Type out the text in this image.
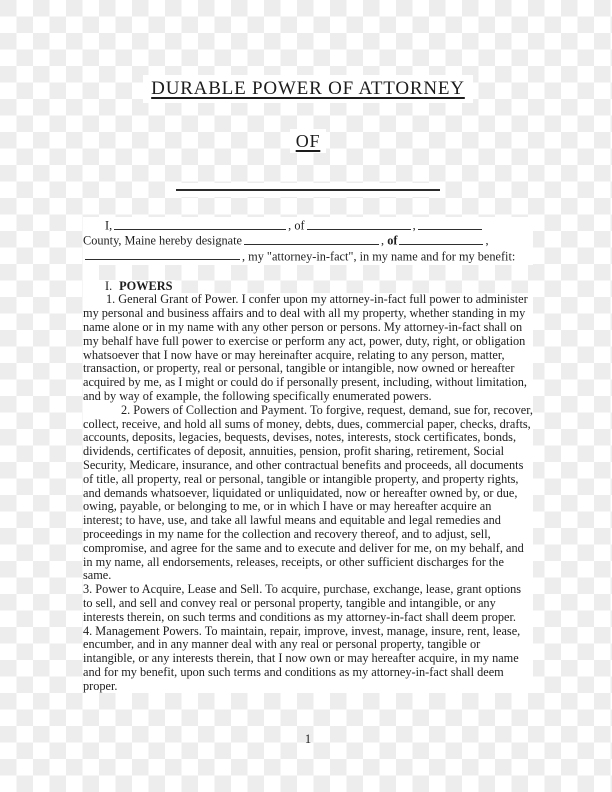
DURABLE POWER OF ATTORNEY
OF
I,	, of	,
County, Maine hereby designate	, of	,
, my "attorney-in-fact", in my name and for my benefit:
I. POWERS

1. General Grant of Power. I confer upon my attorney-in-fact full power to administer my personal and business affairs and to deal with all my property, whether standing in my name alone or in my name with any other person or persons. My attorney-in-fact shall on my behalf have full power to exercise or perform any act, power, duty, right, or obligation whatsoever that I now have or may hereinafter acquire, relating to any person, matter, transaction, or property, real or personal, tangible or intangible, now owned or hereafter acquired by me, as I might or could do if personally present, including, without limitation, and by way of example, the following specifically enumerated powers.

2. Powers of Collection and Payment. To forgive, request, demand, sue for, recover, collect, receive, and hold all sums of money, debts, dues, commercial paper, checks, drafts, accounts, deposits, legacies, bequests, devises, notes, interests, stock certificates, bonds, dividends, certificates of deposit, annuities, pension, profit sharing, retirement, Social Security, Medicare, insurance, and other contractual benefits and proceeds, all documents of title, all property, real or personal, tangible or intangible property, and property rights, and demands whatsoever, liquidated or unliquidated, now or hereafter owned by, or due, owing, payable, or belonging to me, or in which I have or may hereafter acquire an interest; to have, use, and take all lawful means and equitable and legal remedies and proceedings in my name for the collection and recovery thereof, and to adjust, sell, compromise, and agree for the same and to execute and deliver for me, on my behalf, and in my name, all endorsements, releases, receipts, or other sufficient discharges for the same.

3. Power to Acquire, Lease and Sell. To acquire, purchase, exchange, lease, grant options to sell, and sell and convey real or personal property, tangible and intangible, or any interests therein, on such terms and conditions as my attorney-in-fact shall deem proper.

4. Management Powers. To maintain, repair, improve, invest, manage, insure, rent, lease, encumber, and in any manner deal with any real or personal property, tangible or intangible, or any interests therein, that I now own or may hereafter acquire, in my name and for my benefit, upon such terms and conditions as my attorney-in-fact shall deem proper.

1
